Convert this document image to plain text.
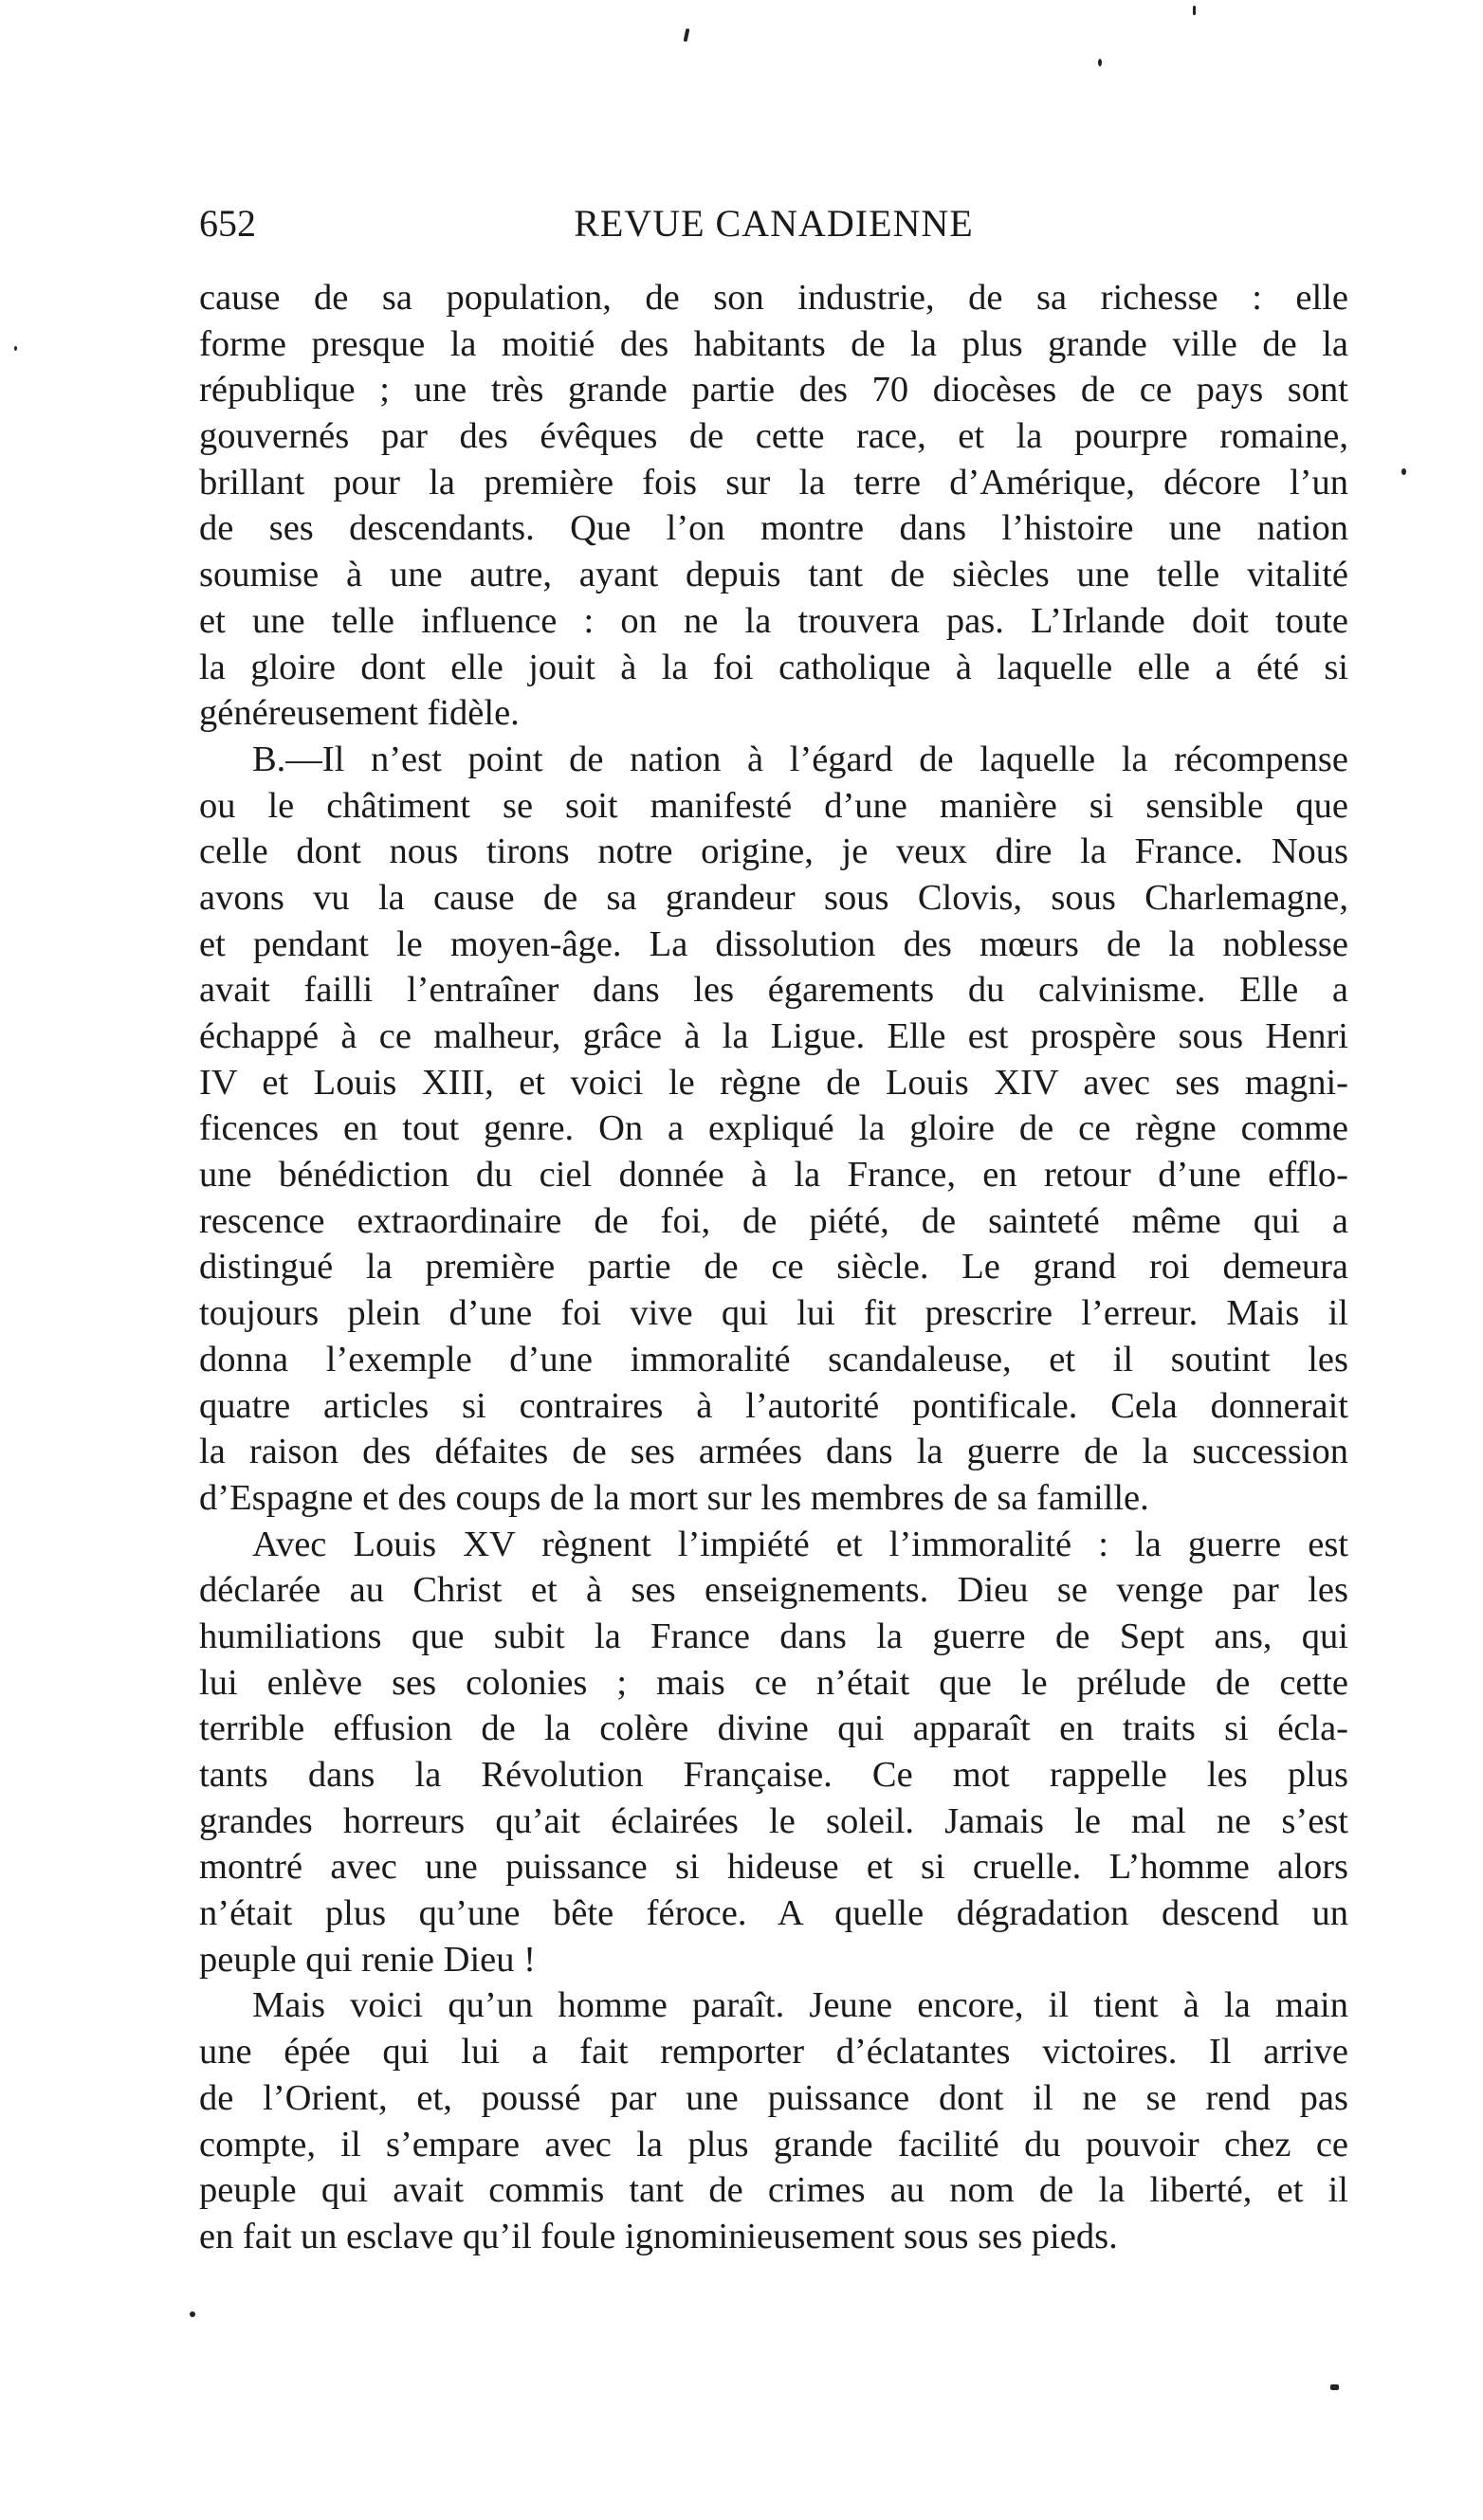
652	REVUE CANADIENNE
cause de sa population, de son industrie, de sa richesse : elle
forme presque la moitié des habitants de la plus grande ville de la
république ; une très grande partie des 70 diocèses de ce pays sont
gouvernés par des évêques de cette race, et la pourpre romaine,
brillant pour la première fois sur la terre d’Amérique, décore l’un
de ses descendants. Que l’on montre dans l’histoire une nation
soumise à une autre, ayant depuis tant de siècles une telle vitalité
et une telle influence : on ne la trouvera pas. L’Irlande doit toute
la gloire dont elle jouit à la foi catholique à laquelle elle a été si
généreusement fidèle.
B.—Il n’est point de nation à l’égard de laquelle la récompense
ou le châtiment se soit manifesté d’une manière si sensible que
celle dont nous tirons notre origine, je veux dire la France. Nous
avons vu la cause de sa grandeur sous Clovis, sous Charlemagne,
et pendant le moyen-âge. La dissolution des mœurs de la noblesse
avait failli l’entraîner dans les égarements du calvinisme. Elle a
échappé à ce malheur, grâce à la Ligue. Elle est prospère sous Henri
IV et Louis XIII, et voici le règne de Louis XIV avec ses magni-
ficences en tout genre. On a expliqué la gloire de ce règne comme
une bénédiction du ciel donnée à la France, en retour d’une efflo-
rescence extraordinaire de foi, de piété, de sainteté même qui a
distingué la première partie de ce siècle. Le grand roi demeura
toujours plein d’une foi vive qui lui fit prescrire l’erreur. Mais il
donna l’exemple d’une immoralité scandaleuse, et il soutint les
quatre articles si contraires à l’autorité pontificale. Cela donnerait
la raison des défaites de ses armées dans la guerre de la succession
d’Espagne et des coups de la mort sur les membres de sa famille.
Avec Louis XV règnent l’impiété et l’immoralité : la guerre est
déclarée au Christ et à ses enseignements. Dieu se venge par les
humiliations que subit la France dans la guerre de Sept ans, qui
lui enlève ses colonies ; mais ce n’était que le prélude de cette
terrible effusion de la colère divine qui apparaît en traits si écla-
tants dans la Révolution Française. Ce mot rappelle les plus
grandes horreurs qu’ait éclairées le soleil. Jamais le mal ne s’est
montré avec une puissance si hideuse et si cruelle. L’homme alors
n’était plus qu’une bête féroce. A quelle dégradation descend un
peuple qui renie Dieu !
Mais voici qu’un homme paraît. Jeune encore, il tient à la main
une épée qui lui a fait remporter d’éclatantes victoires. Il arrive
de l’Orient, et, poussé par une puissance dont il ne se rend pas
compte, il s’empare avec la plus grande facilité du pouvoir chez ce
peuple qui avait commis tant de crimes au nom de la liberté, et il
en fait un esclave qu’il foule ignominieusement sous ses pieds.
